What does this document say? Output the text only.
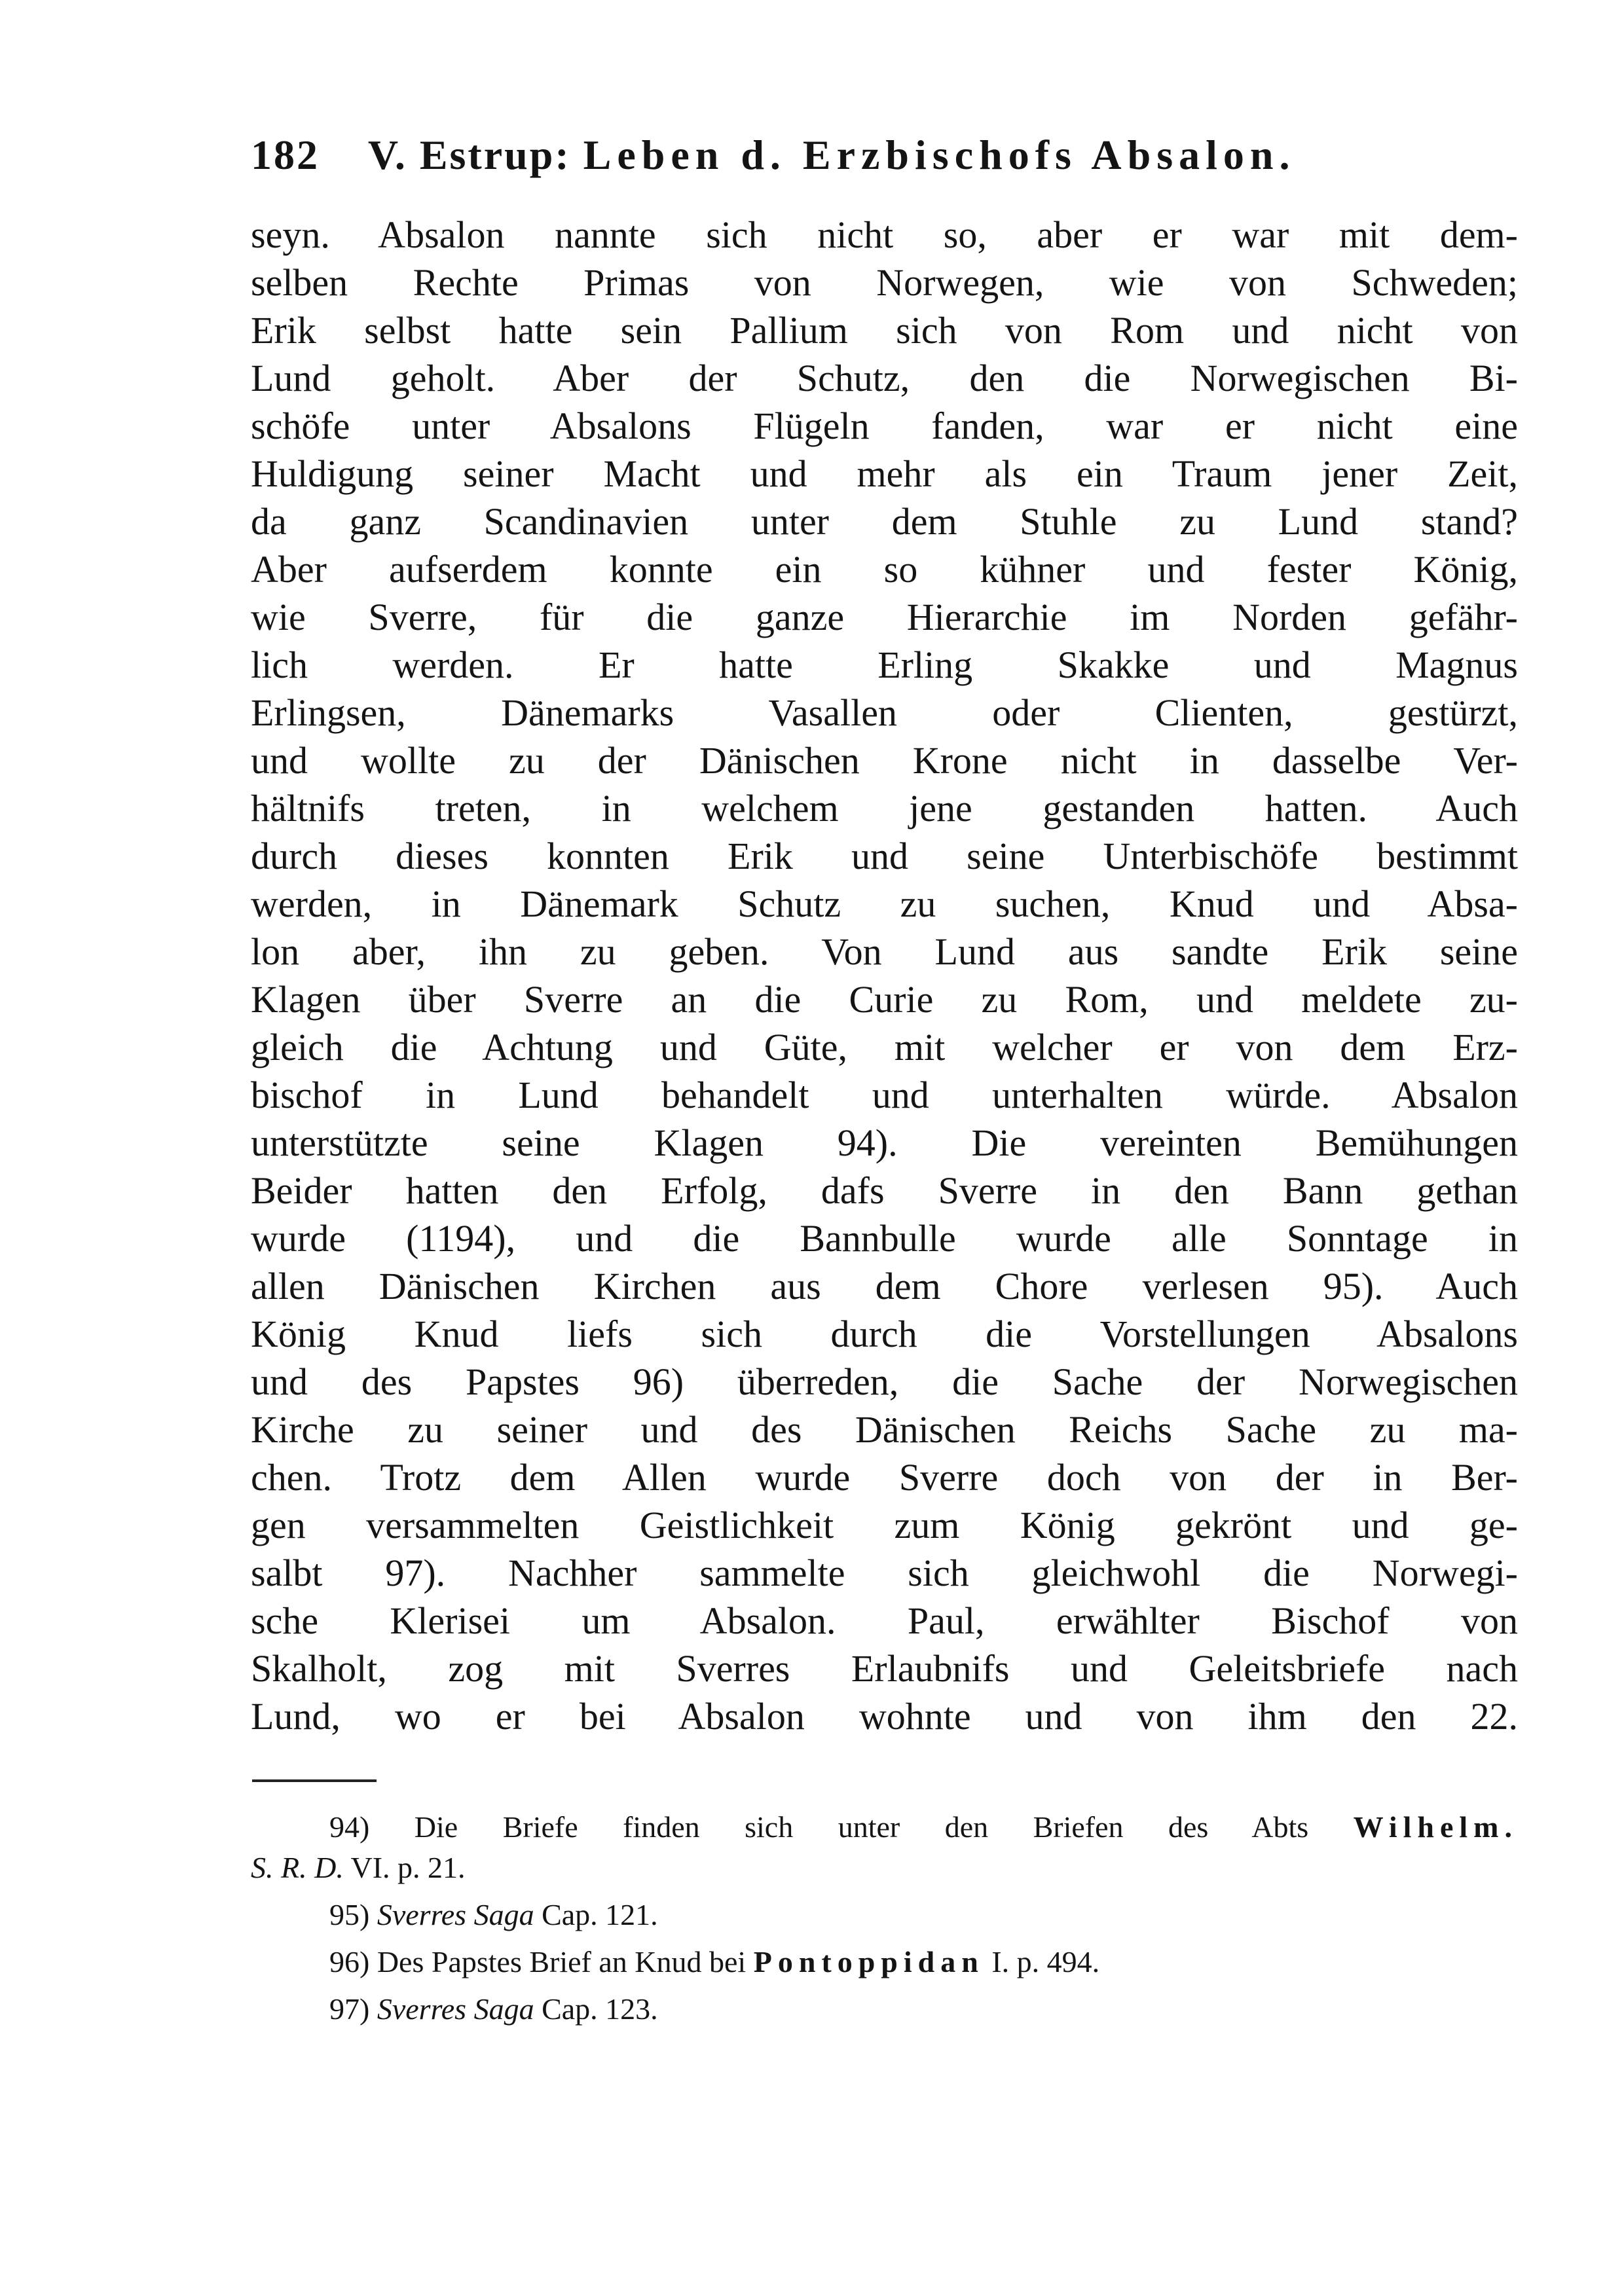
182 V. Estrup: Leben d. Erzbischofs Absalon.
seyn. Absalon nannte sich nicht so, aber er war mit dem-
selben Rechte Primas von Norwegen, wie von Schweden;
Erik selbst hatte sein Pallium sich von Rom und nicht von
Lund geholt. Aber der Schutz, den die Norwegischen Bi-
schöfe unter Absalons Flügeln fanden, war er nicht eine
Huldigung seiner Macht und mehr als ein Traum jener Zeit,
da ganz Scandinavien unter dem Stuhle zu Lund stand?
Aber aufserdem konnte ein so kühner und fester König,
wie Sverre, für die ganze Hierarchie im Norden gefähr-
lich werden. Er hatte Erling Skakke und Magnus
Erlingsen, Dänemarks Vasallen oder Clienten, gestürzt,
und wollte zu der Dänischen Krone nicht in dasselbe Ver-
hältnifs treten, in welchem jene gestanden hatten. Auch
durch dieses konnten Erik und seine Unterbischöfe bestimmt
werden, in Dänemark Schutz zu suchen, Knud und Absa-
lon aber, ihn zu geben. Von Lund aus sandte Erik seine
Klagen über Sverre an die Curie zu Rom, und meldete zu-
gleich die Achtung und Güte, mit welcher er von dem Erz-
bischof in Lund behandelt und unterhalten würde. Absalon
unterstützte seine Klagen 94). Die vereinten Bemühungen
Beider hatten den Erfolg, dafs Sverre in den Bann gethan
wurde (1194), und die Bannbulle wurde alle Sonntage in
allen Dänischen Kirchen aus dem Chore verlesen 95). Auch
König Knud liefs sich durch die Vorstellungen Absalons
und des Papstes 96) überreden, die Sache der Norwegischen
Kirche zu seiner und des Dänischen Reichs Sache zu ma-
chen. Trotz dem Allen wurde Sverre doch von der in Ber-
gen versammelten Geistlichkeit zum König gekrönt und ge-
salbt 97). Nachher sammelte sich gleichwohl die Norwegi-
sche Klerisei um Absalon. Paul, erwählter Bischof von
Skalholt, zog mit Sverres Erlaubnifs und Geleitsbriefe nach
Lund, wo er bei Absalon wohnte und von ihm den 22.
94) Die Briefe finden sich unter den Briefen des Abts Wilhelm.
S. R. D. VI. p. 21.
95) Sverres Saga Cap. 121.
96) Des Papstes Brief an Knud bei Pontoppidan I. p. 494.
97) Sverres Saga Cap. 123.
